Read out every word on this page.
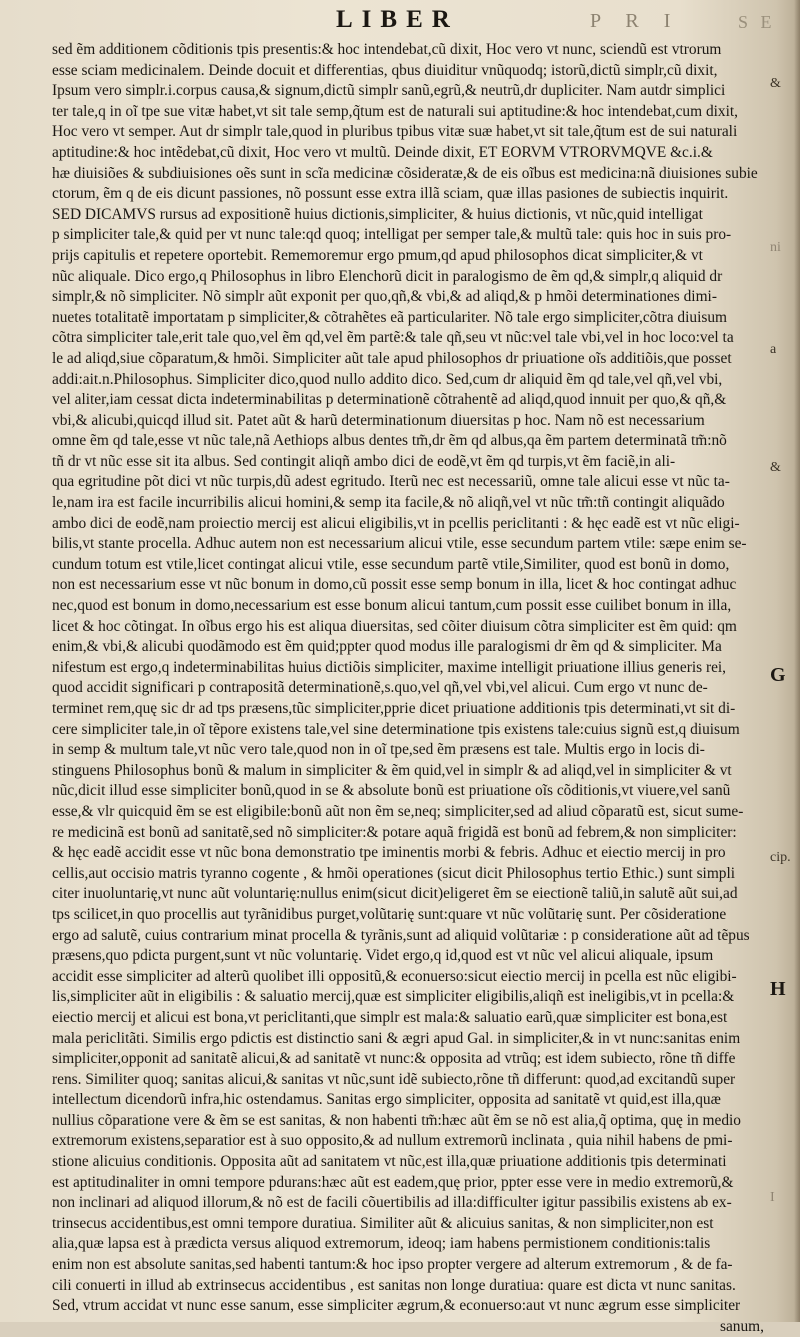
LIBER	P R I	S E
sed ẽm additionem cõditionis tpis presentis:& hoc intendebat,cũ dixit, Hoc vero vt nunc, sciendũ est vtrorum
esse sciam medicinalem. Deinde docuit et differentias, qbus diuiditur vnũquodq; istorũ,dictũ simplr,cũ dixit,
Ipsum vero simplr.i.corpus causa,& signum,dictũ simplr sanũ,egrũ,& neutrũ,dr dupliciter. Nam autdr simplici
ter tale,q in oĩ tpe sue vitæ habet,vt sit tale semp,q̃tum est de naturali sui aptitudine:& hoc intendebat,cum dixit,
Hoc vero vt semper. Aut dr simplr tale,quod in pluribus tpibus vitæ suæ habet,vt sit tale,q̃tum est de sui naturali
aptitudine:& hoc intẽdebat,cũ dixit, Hoc vero vt multũ. Deinde dixit, ET EORVM VTRORVMQVE &c.i.&
hæ diuisiões & subdiuisiones oẽs sunt in scĩa medicinæ cõsideratæ,& de eis oĩbus est medicina:nã diuisiones subie
ctorum, ẽm q de eis dicunt passiones, nõ possunt esse extra illã sciam, quæ illas pasiones de subiectis inquirit.
SED DICAMVS rursus ad expositionẽ huius dictionis,simpliciter, & huius dictionis, vt nũc,quid intelligat
p simpliciter tale,& quid per vt nunc tale:qd quoq; intelligat per semper tale,& multũ tale: quis hoc in suis pro-
prijs capitulis et repetere oportebit. Rememoremur ergo pmum,qd apud philosophos dicat simpliciter,& vt
nũc aliquale. Dico ergo,q Philosophus in libro Elenchorũ dicit in paralogismo de ẽm qd,& simplr,q aliquid dr
simplr,& nõ simpliciter. Nõ simplr aũt exponit per quo,qñ,& vbi,& ad aliqd,& p hmõi determinationes dimi-
nuetes totalitatẽ importatam p simpliciter,& cõtrahẽtes eã particulariter. Nõ tale ergo simpliciter,cõtra diuisum
cõtra simpliciter tale,erit tale quo,vel ẽm qd,vel ẽm partẽ:& tale qñ,seu vt nũc:vel tale vbi,vel in hoc loco:vel ta
le ad aliqd,siue cõparatum,& hmõi. Simpliciter aũt tale apud philosophos dr priuatione oĩs additiõis,que posset
addi:ait.n.Philosophus. Simpliciter dico,quod nullo addito dico. Sed,cum dr aliquid ẽm qd tale,vel qñ,vel vbi,
vel aliter,iam cessat dicta indeterminabilitas p determinationẽ cõtrahentẽ ad aliqd,quod innuit per quo,& qñ,&
vbi,& alicubi,quicqd illud sit. Patet aũt & harũ determinationum diuersitas p hoc. Nam nõ est necessarium
omne ẽm qd tale,esse vt nũc tale,nã Aethiops albus dentes tm̃,dr ẽm qd albus,qa ẽm partem determinatã tm̃:nõ
tñ dr vt nũc esse sit ita albus. Sed contingit aliqñ ambo dici de eodẽ,vt ẽm qd turpis,vt ẽm faciẽ,in ali-
qua egritudine põt dici vt nũc turpis,dũ adest egritudo. Iterũ nec est necessariũ, omne tale alicui esse vt nũc ta-
le,nam ira est facile incurribilis alicui homini,& semp ita facile,& nõ aliqñ,vel vt nũc tm̃:tñ contingit aliquãdo
ambo dici de eodẽ,nam proiectio mercij est alicui eligibilis,vt in pcellis periclitanti : & hęc eadẽ est vt nũc eligi-
bilis,vt stante procella. Adhuc autem non est necessarium alicui vtile, esse secundum partem vtile: sæpe enim se-
cundum totum est vtile,licet contingat alicui vtile, esse secundum partẽ vtile,Similiter, quod est bonũ in domo,
non est necessarium esse vt nũc bonum in domo,cũ possit esse semp bonum in illa, licet & hoc contingat adhuc
nec,quod est bonum in domo,necessarium est esse bonum alicui tantum,cum possit esse cuilibet bonum in illa,
licet & hoc cõtingat. In oĩbus ergo his est aliqua diuersitas, sed cõiter diuisum cõtra simpliciter est ẽm quid: qm
enim,& vbi,& alicubi quodãmodo est ẽm quid;ppter quod modus ille paralogismi dr ẽm qd & simpliciter. Ma
nifestum est ergo,q indeterminabilitas huius dictiõis simpliciter, maxime intelligit priuatione illius generis rei,
quod accidit significari p contrapositã determinationẽ,s.quo,vel qñ,vel vbi,vel alicui. Cum ergo vt nunc de-
terminet rem,quę sic dr ad tps præsens,tũc simpliciter,pprie dicet priuatione additionis tpis determinati,vt sit di-
cere simpliciter tale,in oĩ tẽpore existens tale,vel sine determinatione tpis existens tale:cuius signũ est,q diuisum
in semp & multum tale,vt nũc vero tale,quod non in oĩ tpe,sed ẽm præsens est tale. Multis ergo in locis di-
stinguens Philosophus bonũ & malum in simpliciter & ẽm quid,vel in simplr & ad aliqd,vel in simpliciter & vt
nũc,dicit illud esse simpliciter bonũ,quod in se & absolute bonũ est priuatione oĩs cõditionis,vt viuere,vel sanũ
esse,& vlr quicquid ẽm se est eligibile:bonũ aũt non ẽm se,neq; simpliciter,sed ad aliud cõparatũ est, sicut sume-
re medicinã est bonũ ad sanitatẽ,sed nõ simpliciter:& potare aquã frigidã est bonũ ad febrem,& non simpliciter:
& hęc eadẽ accidit esse vt nũc bona demonstratio tpe iminentis morbi & febris. Adhuc et eiectio mercij in pro
cellis,aut occisio matris tyranno cogente , & hmõi operationes (sicut dicit Philosophus tertio Ethic.) sunt simpli
citer inuoluntarię,vt nunc aũt voluntarię:nullus enim(sicut dicit)eligeret ẽm se eiectionẽ taliũ,in salutẽ aũt sui,ad
tps scilicet,in quo procellis aut tyrãnidibus purget,volũtarię sunt:quare vt nũc volũtarię sunt. Per cõsideratione
ergo ad salutẽ, cuius contrarium minat procella & tyrãnis,sunt ad aliquid volũtariæ : p consideratione aũt ad tẽpus
præsens,quo pdicta purgent,sunt vt nũc voluntarię. Videt ergo,q id,quod est vt nũc vel alicui aliquale, ipsum
accidit esse simpliciter ad alterũ quolibet illi oppositũ,& econuerso:sicut eiectio mercij in pcella est nũc eligibi-
lis,simpliciter aũt in eligibilis : & saluatio mercij,quæ est simpliciter eligibilis,aliqñ est ineligibis,vt in pcella:&
eiectio mercij et alicui est bona,vt periclitanti,que simplr est mala:& saluatio earũ,quæ simpliciter est bona,est
mala periclitãti. Similis ergo pdictis est distinctio sani & ægri apud Gal. in simpliciter,& in vt nunc:sanitas enim
simpliciter,opponit ad sanitatẽ alicui,& ad sanitatẽ vt nunc:& opposita ad vtrũq; est idem subiecto, rõne tñ diffe
rens. Similiter quoq; sanitas alicui,& sanitas vt nũc,sunt idẽ subiecto,rõne tñ differunt: quod,ad excitandũ super
intellectum dicendorũ infra,hic ostendamus. Sanitas ergo simpliciter, opposita ad sanitatẽ vt quid,est illa,quæ
nullius cõparatione vere & ẽm se est sanitas, & non habenti tm̃:hæc aũt ẽm se nõ est alia,q̃ optima, quę in medio
extremorum existens,separatior est à suo opposito,& ad nullum extremorũ inclinata , quia nihil habens de pmi-
stione alicuius conditionis. Opposita aũt ad sanitatem vt nũc,est illa,quæ priuatione additionis tpis determinati
est aptitudinaliter in omni tempore pdurans:hæc aũt est eadem,quę prior, ppter esse vere in medio extremorũ,&
non inclinari ad aliquod illorum,& nõ est de facili cõuertibilis ad illa:difficulter igitur passibilis existens ab ex-
trinsecus accidentibus,est omni tempore duratiua. Similiter aũt & alicuius sanitas, & non simpliciter,non est
alia,quæ lapsa est à prædicta versus aliquod extremorum, ideoq; iam habens permistionem conditionis:talis
enim non est absolute sanitas,sed habenti tantum:& hoc ipso propter vergere ad alterum extremorum , & de fa-
cili conuerti in illud ab extrinsecus accidentibus , est sanitas non longe duratiua: quare est dicta vt nunc sanitas.
Sed, vtrum accidat vt nunc esse sanum, esse simpliciter ægrum,& econuerso:aut vt nunc ægrum esse simpliciter
sanum,
&
ni
a
&
G
cip.
H
I
